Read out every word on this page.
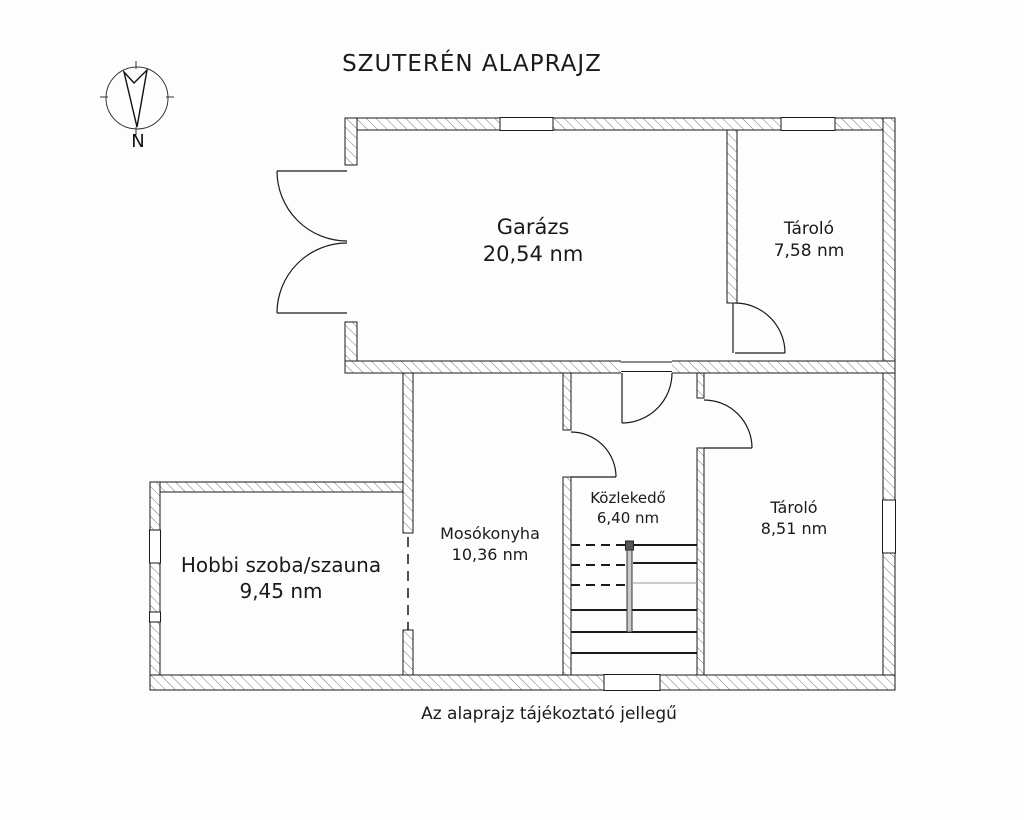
N
SZUTERÉN ALAPRAJZ
Garázs
20,54 nm
Tároló
7,58 nm
Mosókonyha
10,36 nm
Közlekedő
6,40 nm
Tároló
8,51 nm
Hobbi szoba/szauna
9,45 nm
Az alaprajz tájékoztató jellegű
